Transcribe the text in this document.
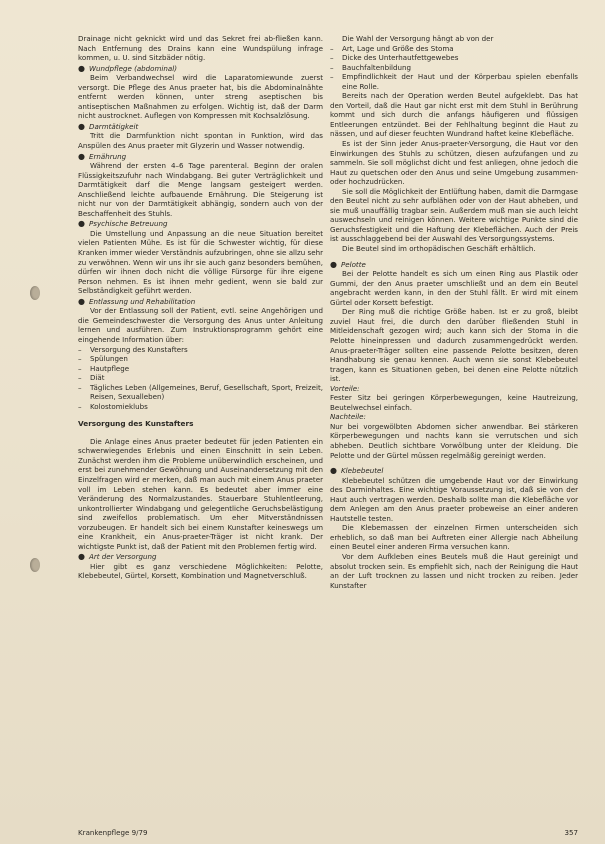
Drainage nicht geknickt wird und das Sekret frei ab-fließen kann. Nach Entfernung des Drains kann eine Wundspülung infrage kommen, u. U. sind Sitzbäder nötig.

● Wundpflege (abdominal)

Beim Verbandwechsel wird die Laparatomiewunde zuerst versorgt. Die Pflege des Anus praeter hat, bis die Abdominalnähte entfernt werden können, unter streng aseptischen bis antiseptischen Maßnahmen zu erfolgen. Wichtig ist, daß der Darm nicht austrocknet. Auflegen von Kompressen mit Kochsalzlösung.

● Darmtätigkeit

Tritt die Darmfunktion nicht spontan in Funktion, wird das Anspülen des Anus praeter mit Glyzerin und Wasser notwendig.

● Ernährung

Während der ersten 4–6 Tage parenteral. Beginn der oralen Flüssigkeitszufuhr nach Windabgang. Bei guter Verträglichkeit und Darmtätigkeit darf die Menge langsam gesteigert werden. Anschließend leichte aufbauende Ernährung. Die Steigerung ist nicht nur von der Darmtätigkeit abhängig, sondern auch von der Beschaffenheit des Stuhls.

● Psychische Betreuung

Die Umstellung und Anpassung an die neue Situation bereitet vielen Patienten Mühe. Es ist für die Schwester wichtig, für diese Kranken immer wieder Verständnis aufzubringen, ohne sie allzu sehr zu verwöhnen. Wenn wir uns ihr sie auch ganz besonders bemühen, dürfen wir ihnen doch nicht die völlige Fürsorge für ihre eigene Person nehmen. Es ist ihnen mehr gedient, wenn sie bald zur Selbständigkeit geführt werden.

● Entlassung und Rehabilitation

Vor der Entlassung soll der Patient, evtl. seine Angehörigen und die Gemeindeschwester die Versorgung des Anus unter Anleitung lernen und ausführen. Zum Instruktionsprogramm gehört eine eingehende Information über:

– Versorgung des Kunstafters
– Spülungen
– Hautpflege
– Diät
– Tägliches Leben (Allgemeines, Beruf, Gesellschaft, Sport, Freizeit, Reisen, Sexualleben)
– Kolostomieklubs
Versorgung des Kunstafters

Die Anlage eines Anus praeter bedeutet für jeden Patienten ein schwerwiegendes Erlebnis und einen Einschnitt in sein Leben. Zunächst werden ihm die Probleme unüberwindlich erscheinen, und erst bei zunehmender Gewöhnung und Auseinandersetzung mit den Einzelfragen wird er merken, daß man auch mit einem Anus praeter voll im Leben stehen kann. Es bedeutet aber immer eine Veränderung des Normalzustandes. Stauerbare Stuhlentleerung, unkontrollierter Windabgang und gelegentliche Geruchsbelästigung sind zweifellos problematisch. Um eher Mitverständnissen vorzubeugen. Er handelt sich bei einem Kunstafter keineswegs um eine Krankheit, ein Anus-praeter-Träger ist nicht krank. Der wichtigste Punkt ist, daß der Patient mit den Problemen fertig wird.

● Art der Versorgung

Hier gibt es ganz verschiedene Möglichkeiten: Pelotte, Klebebeutel, Gürtel, Korsett, Kombination und Magnetverschluß.

Die Wahl der Versorgung hängt ab von der

– Art, Lage und Größe des Stoma
– Dicke des Unterhautfettgewebes
– Bauchfaltenbildung
– Empfindlichkeit der Haut und der Körperbau spielen ebenfalls eine Rolle.

Bereits nach der Operation werden Beutel aufgeklebt. Das hat den Vorteil, daß die Haut gar nicht erst mit dem Stuhl in Berührung kommt und sich durch die anfangs häufigeren und flüssigen Entleerungen entzündet. Bei der Fehlhaltung beginnt die Haut zu nässen, und auf dieser feuchten Wundrand haftet keine Klebefläche.

Es ist der Sinn jeder Anus-praeter-Versorgung, die Haut vor den Einwirkungen des Stuhls zu schützen, diesen aufzufangen und zu sammeln. Sie soll möglichst dicht und fest anliegen, ohne jedoch die Haut zu quetschen oder den Anus und seine Umgebung zusammen- oder hochzudrücken.

Sie soll die Möglichkeit der Entlüftung haben, damit die Darmgase den Beutel nicht zu sehr aufblähen oder von der Haut abheben, und sie muß unauffällig tragbar sein. Außerdem muß man sie auch leicht auswechseln und reinigen können. Weitere wichtige Punkte sind die Geruchsfestigkeit und die Haftung der Klebeflächen. Auch der Preis ist ausschlaggebend bei der Auswahl des Versorgungssystems.

Die Beutel sind im orthopädischen Geschäft erhältlich.

● Pelotte

Bei der Pelotte handelt es sich um einen Ring aus Plastik oder Gummi, der den Anus praeter umschließt und an dem ein Beutel angebracht werden kann, in den der Stuhl fällt. Er wird mit einem Gürtel oder Korsett befestigt.

Der Ring muß die richtige Größe haben. Ist er zu groß, bleibt zuviel Haut frei, die durch den darüber fließenden Stuhl in Mitleidenschaft gezogen wird; auch kann sich der Stoma in die Pelotte hineinpressen und dadurch zusammengedrückt werden. Anus-praeter-Träger sollten eine passende Pelotte besitzen, deren Handhabung sie genau kennen. Auch wenn sie sonst Klebebeutel tragen, kann es Situationen geben, bei denen eine Pelotte nützlich ist.

Vorteile:

Fester Sitz bei geringen Körperbewegungen, keine Hautreizung, Beutelwechsel einfach.

Nachteile:

Nur bei vorgewölbten Abdomen sicher anwendbar. Bei stärkeren Körperbewegungen und nachts kann sie verrutschen und sich abheben. Deutlich sichtbare Vorwölbung unter der Kleidung. Die Pelotte und der Gürtel müssen regelmäßig gereinigt werden.

● Klebebeutel

Klebebeutel schützen die umgebende Haut vor der Einwirkung des Darminhaltes. Eine wichtige Voraussetzung ist, daß sie von der Haut auch vertragen werden. Deshalb sollte man die Klebefläche vor dem Anlegen am den Anus praeter probeweise an einer anderen Hautstelle testen.

Die Klebemassen der einzelnen Firmen unterscheiden sich erheblich, so daß man bei Auftreten einer Allergie nach Abheilung einen Beutel einer anderen Firma versuchen kann.

Vor dem Aufkleben eines Beutels muß die Haut gereinigt und absolut trocken sein. Es empfiehlt sich, nach der Reinigung die Haut an der Luft trocknen zu lassen und nicht trocken zu reiben. Jeder Kunstafter

Krankenpflege 9/79	357
